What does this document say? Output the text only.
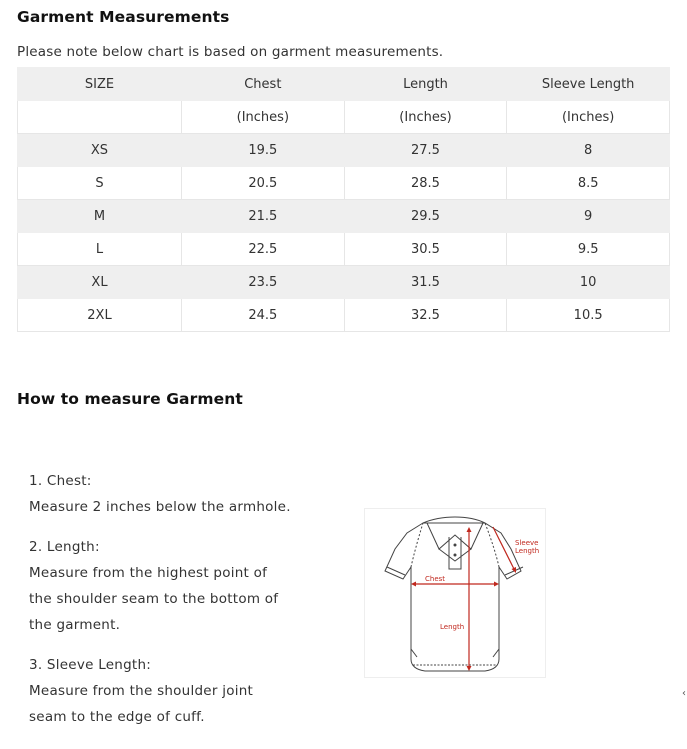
Garment Measurements
Please note below chart is based on garment measurements.
SIZE	Chest	Length	Sleeve Length
	(Inches)	(Inches)	(Inches)
XS	19.5	27.5	8
S	20.5	28.5	8.5
M	21.5	29.5	9
L	22.5	30.5	9.5
XL	23.5	31.5	10
2XL	24.5	32.5	10.5
How to measure Garment
1. Chest:
Measure 2 inches below the armhole.
2. Length:
Measure from the highest point of
the shoulder seam to the bottom of
the garment.
3. Sleeve Length:
Measure from the shoulder joint
seam to the edge of cuff.
Chest
Length
Sleeve
Length
‹
